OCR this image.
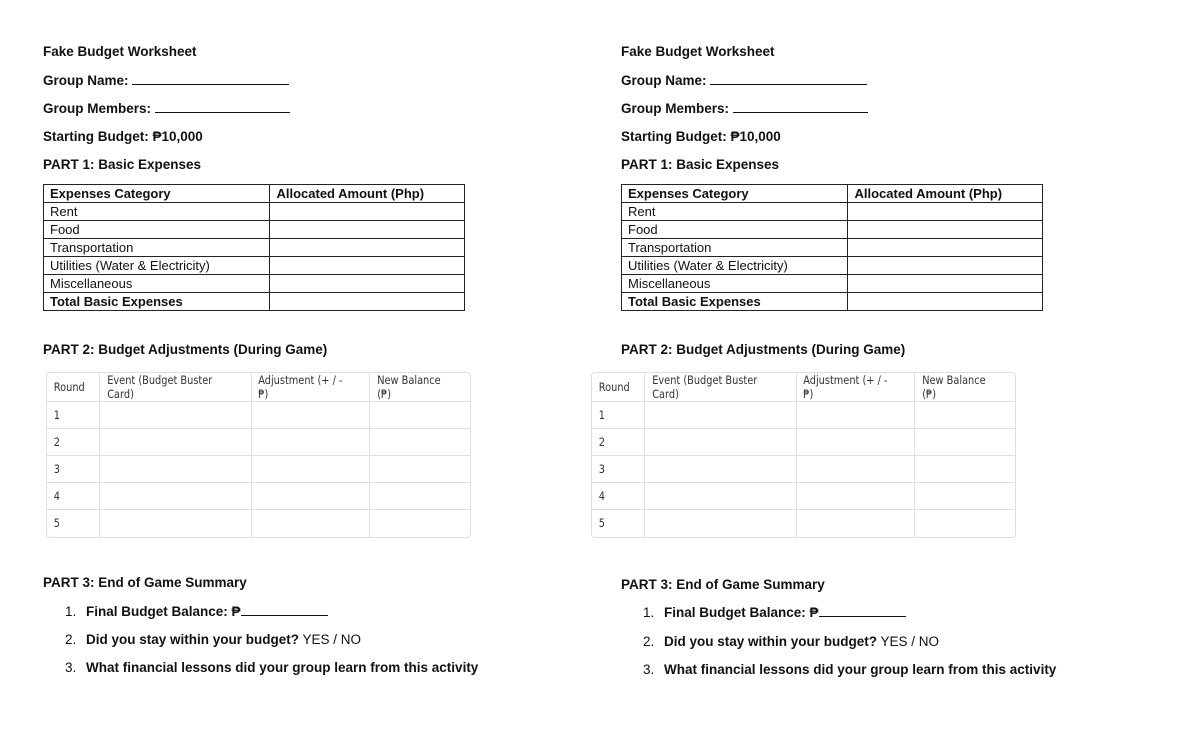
Fake Budget Worksheet
Group Name:
Group Members:
Starting Budget: ₱10,000
PART 1: Basic Expenses
Expenses Category	Allocated Amount (Php)
Rent	
Food	
Transportation	
Utilities (Water & Electricity)	
Miscellaneous	
Total Basic Expenses	
PART 2: Budget Adjustments (During Game)
Round	Event (Budget Buster Card)	Adjustment (+ / - ₱)	New Balance (₱)
1			
2			
3			
4			
5			
PART 3: End of Game Summary
1. Final Budget Balance: ₱
2. Did you stay within your budget? YES / NO
3. What financial lessons did your group learn from this activity
Fake Budget Worksheet
Group Name:
Group Members:
Starting Budget: ₱10,000
PART 1: Basic Expenses
Expenses Category	Allocated Amount (Php)
Rent	
Food	
Transportation	
Utilities (Water & Electricity)	
Miscellaneous	
Total Basic Expenses	
PART 2: Budget Adjustments (During Game)
Round	Event (Budget Buster Card)	Adjustment (+ / - ₱)	New Balance (₱)
1			
2			
3			
4			
5			
PART 3: End of Game Summary
1. Final Budget Balance: ₱
2. Did you stay within your budget? YES / NO
3. What financial lessons did your group learn from this activity
